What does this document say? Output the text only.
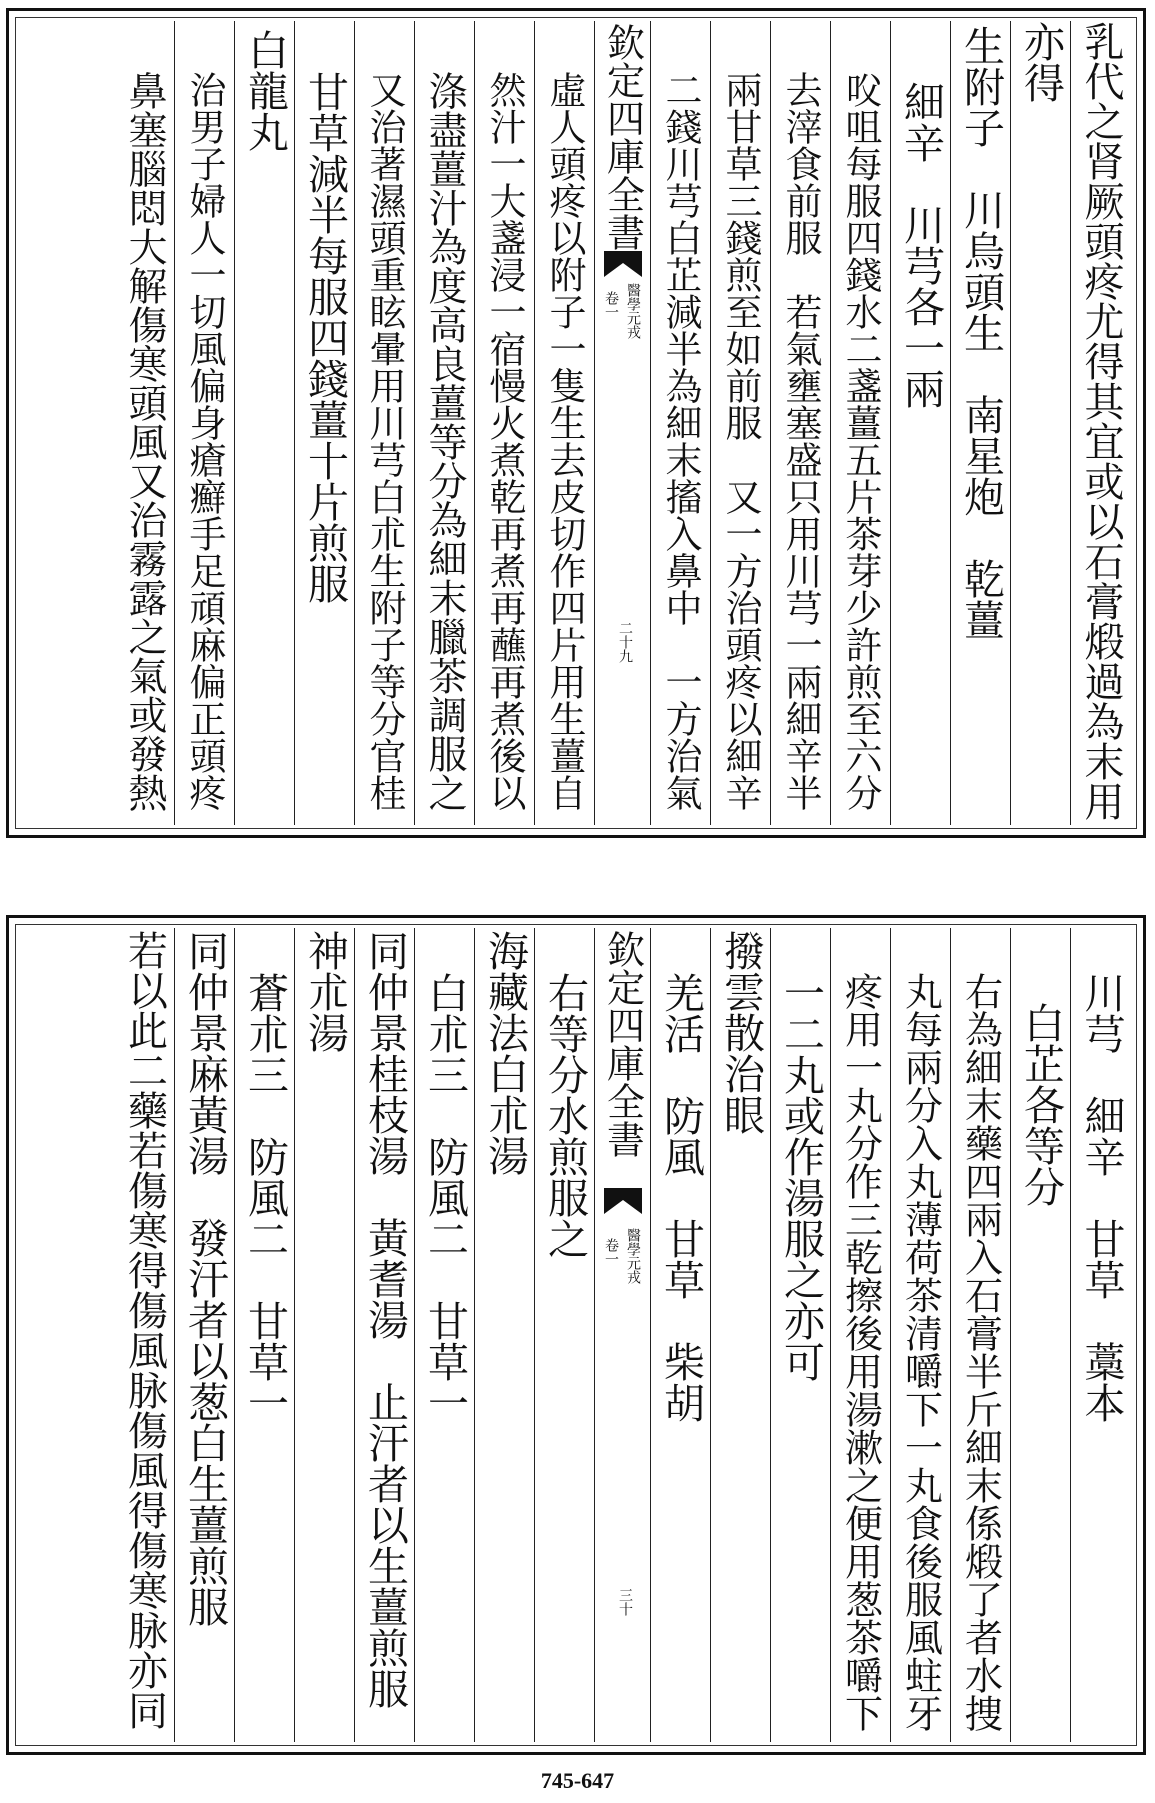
乳代之肾厥頭疼尤得其宜或以石膏煅過為末用
亦得
生附子　川烏頭生　南星炮　乾薑
細辛　川芎各一兩
㕮咀每服四錢水二盞薑五片茶芽少許煎至六分
去滓食前服　若氣壅塞盛只用川芎一兩細辛半
兩甘草三錢煎至如前服　又一方治頭疼以細辛
二錢川芎白芷減半為細末搐入鼻中　一方治氣
欽定四庫全書
醫學元戎
卷一
二十九
虛人頭疼以附子一隻生去皮切作四片用生薑自
然汁一大盞浸一宿慢火煮乾再煮再蘸再煮後以
涤盡薑汁為度高良薑等分為細末臘茶調服之
又治著濕頭重眩暈用川芎白朮生附子等分官桂
甘草減半每服四錢薑十片煎服
白龍丸
治男子婦人一切風偏身瘡癬手足頑麻偏正頭疼
鼻塞腦悶大解傷寒頭風又治霧露之氣或發熱
川芎　細辛　甘草　藁本
白芷各等分
右為細末藥四兩入石膏半斤細末係煅了者水捜
丸每兩分入丸薄荷茶清嚼下一丸食後服風蛀牙
疼用一丸分作三乾擦後用湯漱之便用葱茶嚼下
一二丸或作湯服之亦可
撥雲散治眼
羌活　防風　甘草　柴胡
欽定四庫全書
醫學元戎
卷一
三十
右等分水煎服之
海藏法白朮湯
白朮三　防風二　甘草一
同仲景桂枝湯　黃耆湯　止汗者以生薑煎服
神朮湯
蒼朮三　防風二　甘草一
同仲景麻黃湯　發汗者以葱白生薑煎服
若以此二藥若傷寒得傷風脉傷風得傷寒脉亦同
745-647
